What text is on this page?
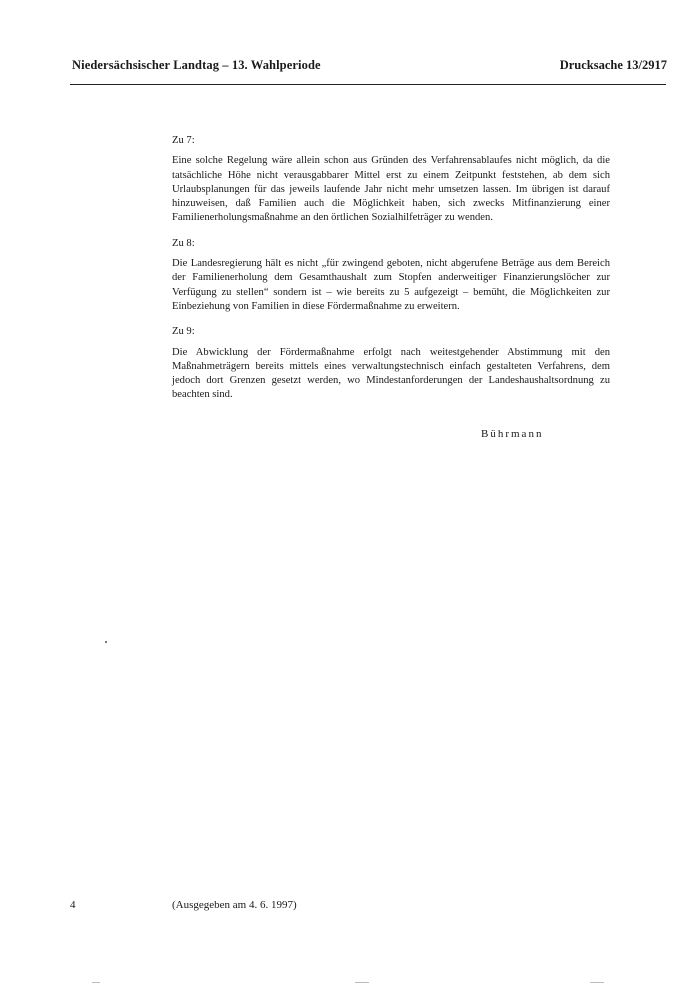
Niedersächsischer Landtag – 13. Wahlperiode	Drucksache 13/2917

Zu 7:

Eine solche Regelung wäre allein schon aus Gründen des Verfahrensablaufes nicht möglich, da die tatsächliche Höhe nicht verausgabbarer Mittel erst zu einem Zeitpunkt feststehen, ab dem sich Urlaubsplanungen für das jeweils laufende Jahr nicht mehr umsetzen lassen. Im übrigen ist darauf hinzuweisen, daß Familien auch die Möglichkeit haben, sich zwecks Mitfinanzierung einer Familienerholungsmaßnahme an den örtlichen Sozialhilfeträger zu wenden.

Zu 8:

Die Landesregierung hält es nicht „für zwingend geboten, nicht abgerufene Beträge aus dem Bereich der Familienerholung dem Gesamthaushalt zum Stopfen anderweitiger Finanzierungslöcher zur Verfügung zu stellen“ sondern ist – wie bereits zu 5 aufgezeigt – bemüht, die Möglichkeiten zur Einbeziehung von Familien in diese Fördermaßnahme zu erweitern.

Zu 9:

Die Abwicklung der Fördermaßnahme erfolgt nach weitestgehender Abstimmung mit den Maßnahmeträgern bereits mittels eines verwaltungstechnisch einfach gestalteten Verfahrens, dem jedoch dort Grenzen gesetzt werden, wo Mindestanforderungen der Landeshaushaltsordnung zu beachten sind.

Bührmann
4	(Ausgegeben am 4. 6. 1997)
